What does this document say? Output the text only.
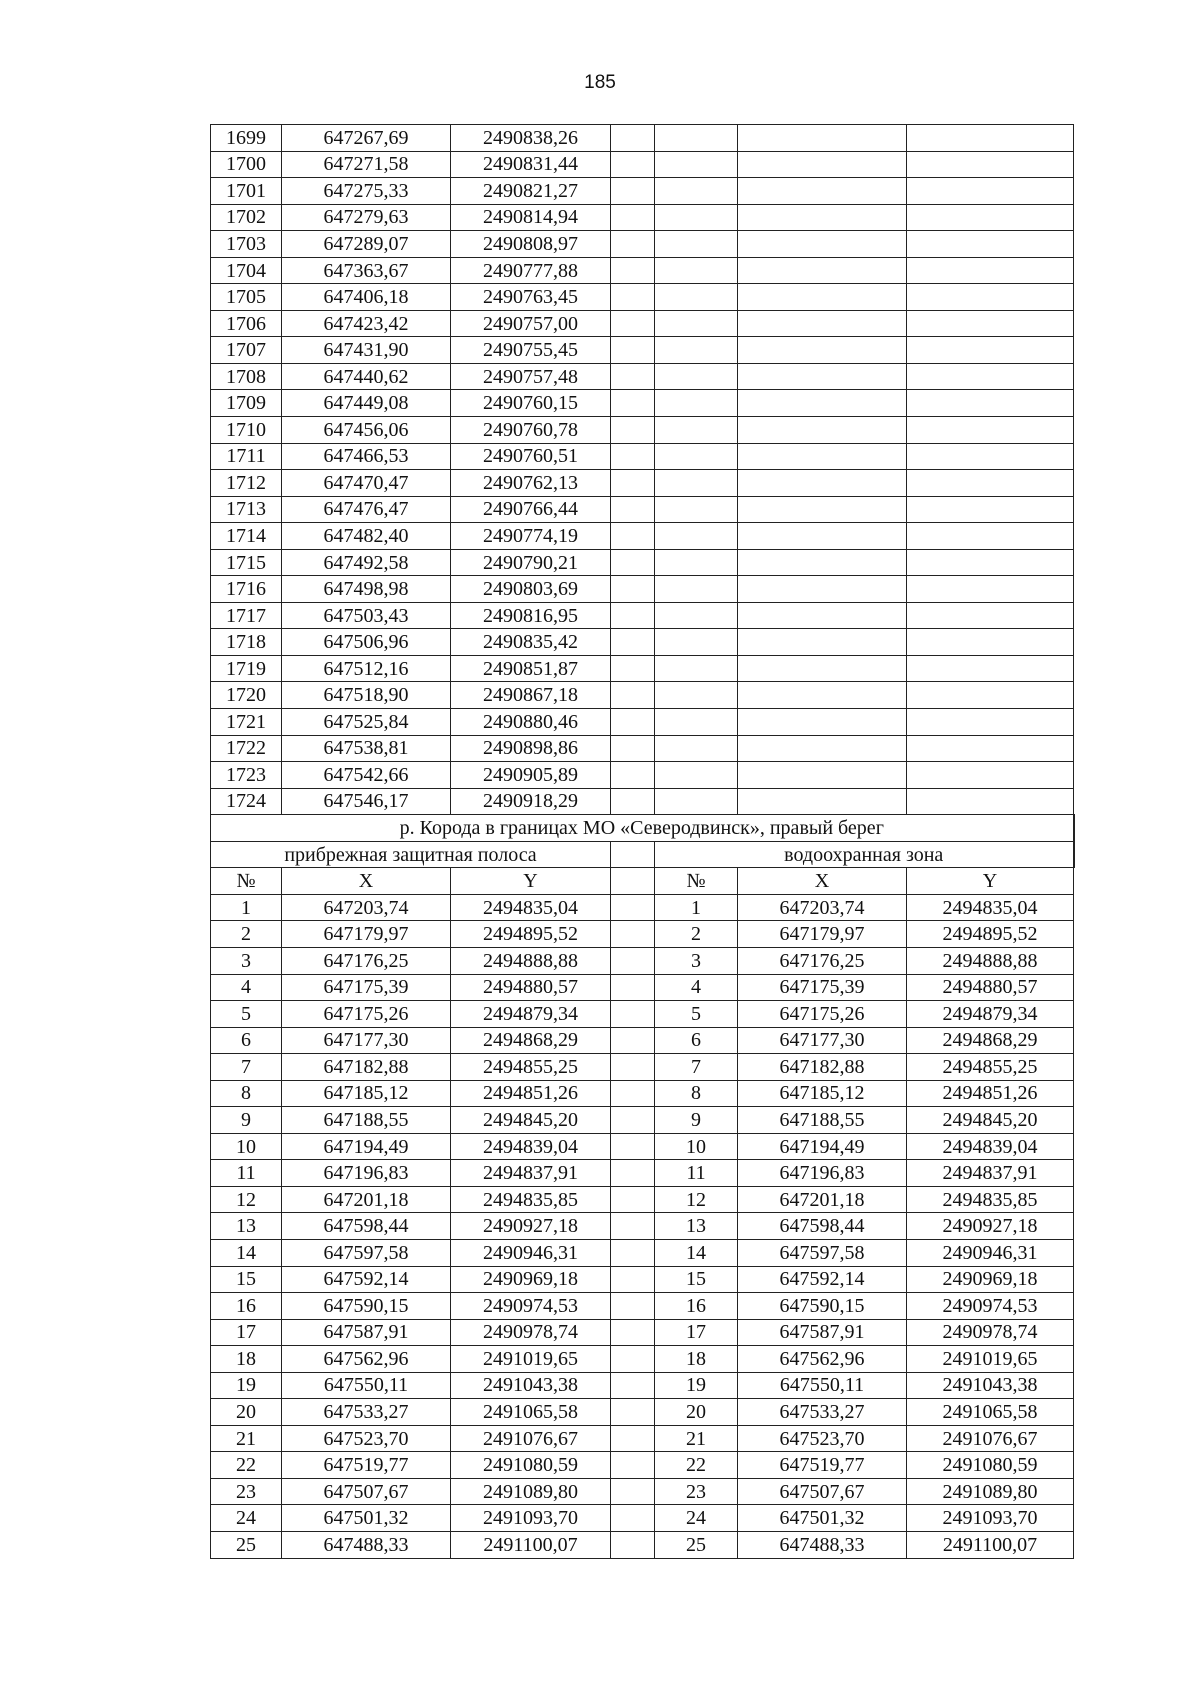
185
1699	647267,69	2490838,26				
1700	647271,58	2490831,44				
1701	647275,33	2490821,27				
1702	647279,63	2490814,94				
1703	647289,07	2490808,97				
1704	647363,67	2490777,88				
1705	647406,18	2490763,45				
1706	647423,42	2490757,00				
1707	647431,90	2490755,45				
1708	647440,62	2490757,48				
1709	647449,08	2490760,15				
1710	647456,06	2490760,78				
1711	647466,53	2490760,51				
1712	647470,47	2490762,13				
1713	647476,47	2490766,44				
1714	647482,40	2490774,19				
1715	647492,58	2490790,21				
1716	647498,98	2490803,69				
1717	647503,43	2490816,95				
1718	647506,96	2490835,42				
1719	647512,16	2490851,87				
1720	647518,90	2490867,18				
1721	647525,84	2490880,46				
1722	647538,81	2490898,86				
1723	647542,66	2490905,89				
1724	647546,17	2490918,29				
р. Корода в границах МО «Северодвинск», правый берег						
прибрежная защитная полоса				водоохранная зона		
№	X	Y		№	X	Y
1	647203,74	2494835,04		1	647203,74	2494835,04
2	647179,97	2494895,52		2	647179,97	2494895,52
3	647176,25	2494888,88		3	647176,25	2494888,88
4	647175,39	2494880,57		4	647175,39	2494880,57
5	647175,26	2494879,34		5	647175,26	2494879,34
6	647177,30	2494868,29		6	647177,30	2494868,29
7	647182,88	2494855,25		7	647182,88	2494855,25
8	647185,12	2494851,26		8	647185,12	2494851,26
9	647188,55	2494845,20		9	647188,55	2494845,20
10	647194,49	2494839,04		10	647194,49	2494839,04
11	647196,83	2494837,91		11	647196,83	2494837,91
12	647201,18	2494835,85		12	647201,18	2494835,85
13	647598,44	2490927,18		13	647598,44	2490927,18
14	647597,58	2490946,31		14	647597,58	2490946,31
15	647592,14	2490969,18		15	647592,14	2490969,18
16	647590,15	2490974,53		16	647590,15	2490974,53
17	647587,91	2490978,74		17	647587,91	2490978,74
18	647562,96	2491019,65		18	647562,96	2491019,65
19	647550,11	2491043,38		19	647550,11	2491043,38
20	647533,27	2491065,58		20	647533,27	2491065,58
21	647523,70	2491076,67		21	647523,70	2491076,67
22	647519,77	2491080,59		22	647519,77	2491080,59
23	647507,67	2491089,80		23	647507,67	2491089,80
24	647501,32	2491093,70		24	647501,32	2491093,70
25	647488,33	2491100,07		25	647488,33	2491100,07
